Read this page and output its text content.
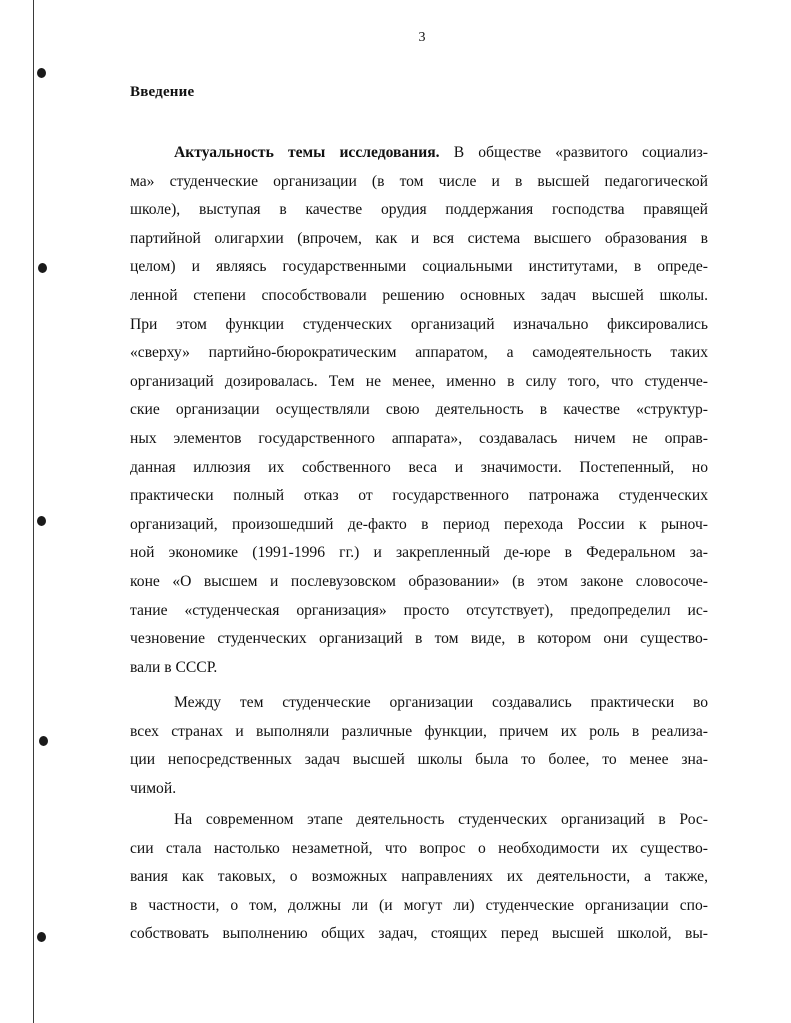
3
Введение
Актуальность темы исследования. В обществе «развитого социализ-
ма» студенческие организации (в том числе и в высшей педагогической
школе), выступая в качестве орудия поддержания господства правящей
партийной олигархии (впрочем, как и вся система высшего образования в
целом) и являясь государственными социальными институтами, в опреде-
ленной степени способствовали решению основных задач высшей школы.
При этом функции студенческих организаций изначально фиксировались
«сверху» партийно-бюрократическим аппаратом, а самодеятельность таких
организаций дозировалась. Тем не менее, именно в силу того, что студенче-
ские организации осуществляли свою деятельность в качестве «структур-
ных элементов государственного аппарата», создавалась ничем не оправ-
данная иллюзия их собственного веса и значимости. Постепенный, но
практически полный отказ от государственного патронажа студенческих
организаций, произошедший де-факто в период перехода России к рыноч-
ной экономике (1991-1996 гг.) и закрепленный де-юре в Федеральном за-
коне «О высшем и послевузовском образовании» (в этом законе словосоче-
тание «студенческая организация» просто отсутствует), предопределил ис-
чезновение студенческих организаций в том виде, в котором они существо-
вали в СССР.
Между тем студенческие организации создавались практически во
всех странах и выполняли различные функции, причем их роль в реализа-
ции непосредственных задач высшей школы была то более, то менее зна-
чимой.
На современном этапе деятельность студенческих организаций в Рос-
сии стала настолько незаметной, что вопрос о необходимости их существо-
вания как таковых, о возможных направлениях их деятельности, а также,
в частности, о том, должны ли (и могут ли) студенческие организации спо-
собствовать выполнению общих задач, стоящих перед высшей школой, вы-
